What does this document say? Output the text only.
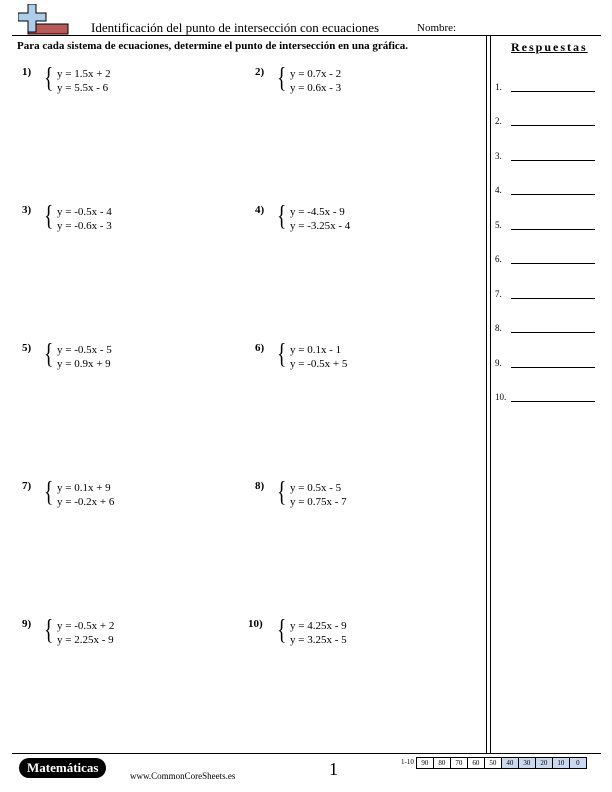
Identificación del punto de intersección con ecuaciones	Nombre:
Para cada sistema de ecuaciones, determine el punto de intersección en una gráfica.	Respuestas
1.
2.
3.
4.
5.
6.
7.
8.
9.
10.
1) { y = 1.5x + 2
y = 5.5x - 6
2) { y = 0.7x - 2
y = 0.6x - 3
3) { y = -0.5x - 4
y = -0.6x - 3
4) { y = -4.5x - 9
y = -3.25x - 4
5) { y = -0.5x - 5
y = 0.9x + 9
6) { y = 0.1x - 1
y = -0.5x + 5
7) { y = 0.1x + 9
y = -0.2x + 6
8) { y = 0.5x - 5
y = 0.75x - 7
9) { y = -0.5x + 2
y = 2.25x - 9
10) { y = 4.25x - 9
y = 3.25x - 5
Matemáticas
www.CommonCoreSheets.es	1	1-10	90	80	70	60	50	40	30	20	10	0
